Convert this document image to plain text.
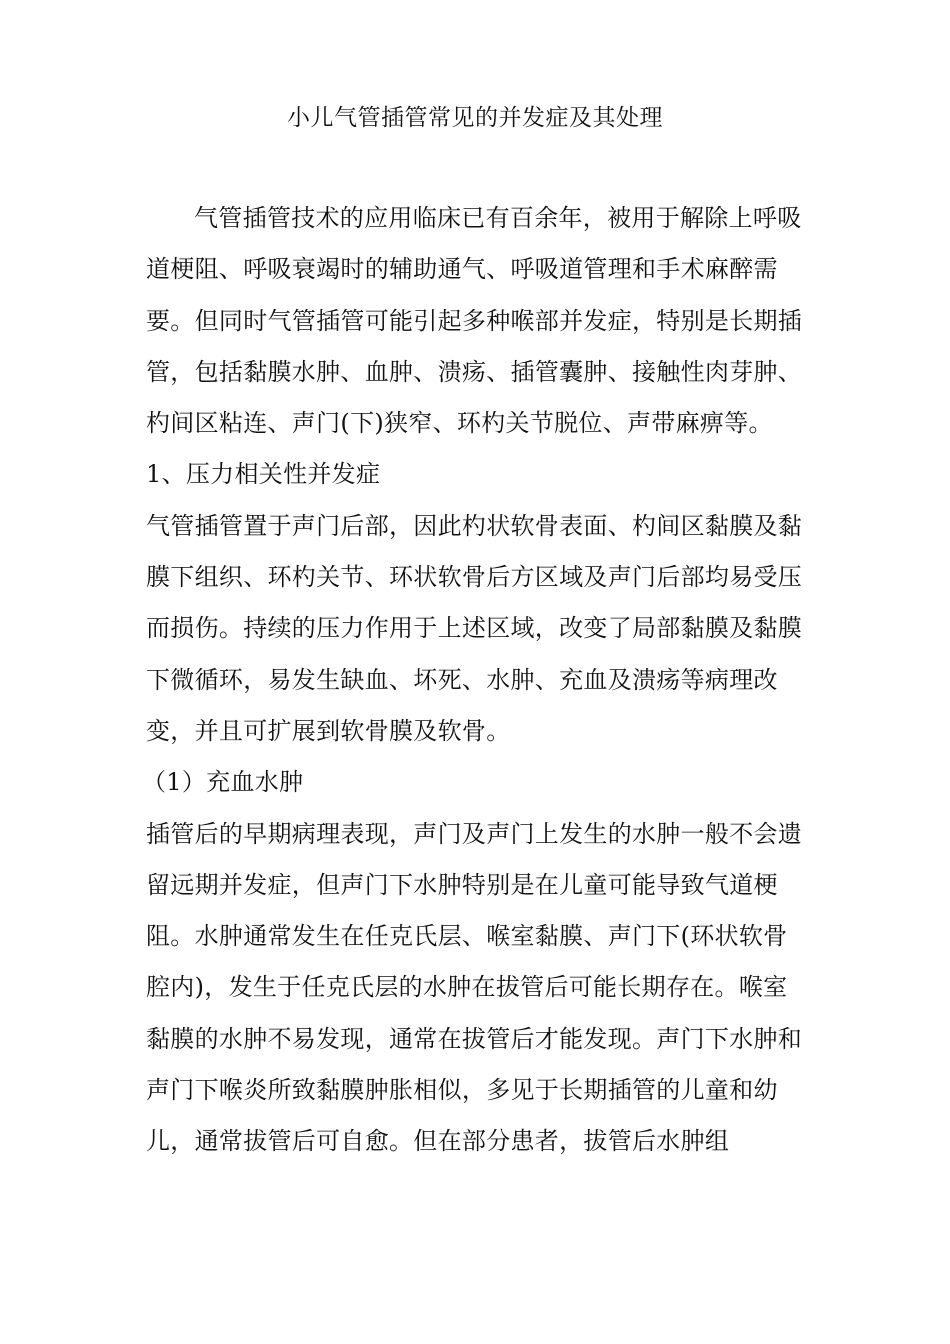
小儿气管插管常见的并发症及其处理

气管插管技术的应用临床已有百余年，被用于解除上呼吸道梗阻、呼吸衰竭时的辅助通气、呼吸道管理和手术麻醉需要。但同时气管插管可能引起多种喉部并发症，特别是长期插管，包括黏膜水肿、血肿、溃疡、插管囊肿、接触性肉芽肿、杓间区粘连、声门(下)狭窄、环杓关节脱位、声带麻痹等。

1、压力相关性并发症

气管插管置于声门后部，因此杓状软骨表面、杓间区黏膜及黏膜下组织、环杓关节、环状软骨后方区域及声门后部均易受压而损伤。持续的压力作用于上述区域，改变了局部黏膜及黏膜下微循环，易发生缺血、坏死、水肿、充血及溃疡等病理改变，并且可扩展到软骨膜及软骨。

（1）充血水肿

插管后的早期病理表现，声门及声门上发生的水肿一般不会遗留远期并发症，但声门下水肿特别是在儿童可能导致气道梗阻。水肿通常发生在任克氏层、喉室黏膜、声门下(环状软骨腔内)，发生于任克氏层的水肿在拔管后可能长期存在。喉室黏膜的水肿不易发现，通常在拔管后才能发现。声门下水肿和声门下喉炎所致黏膜肿胀相似，多见于长期插管的儿童和幼儿，通常拔管后可自愈。但在部分患者，拔管后水肿组
